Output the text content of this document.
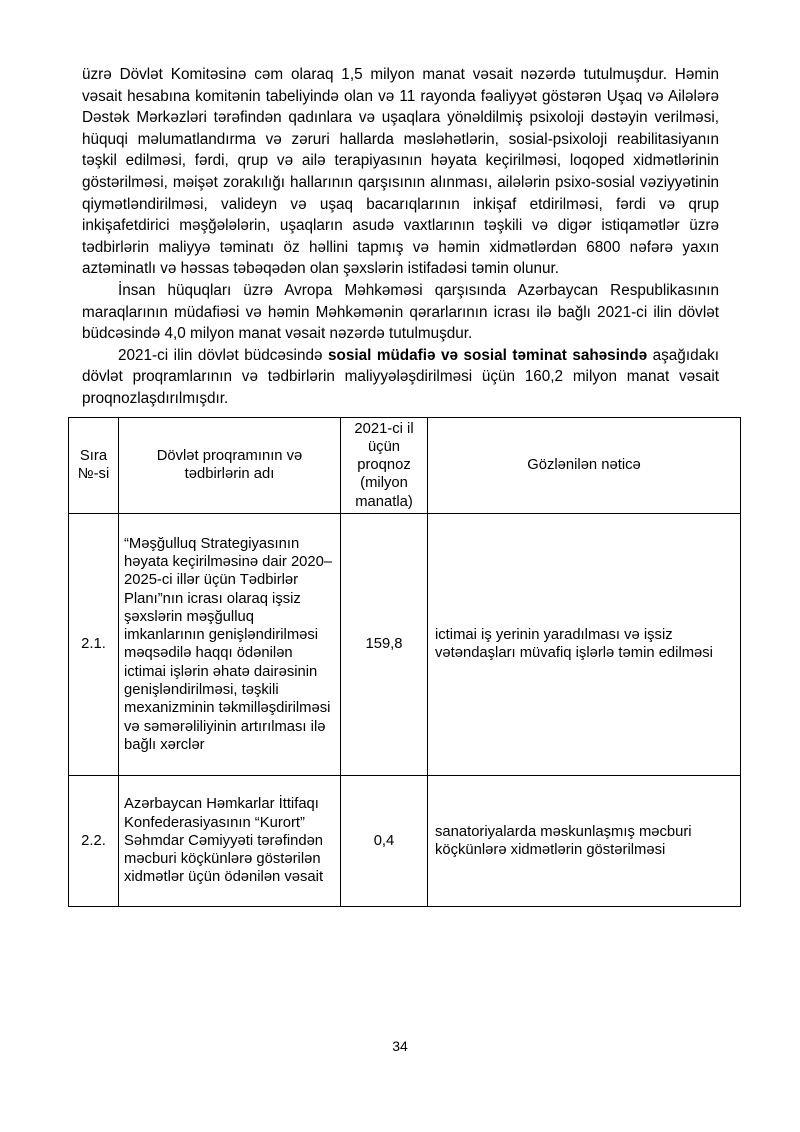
üzrə Dövlət Komitəsinə cəm olaraq 1,5 milyon manat vəsait nəzərdə tutulmuşdur. Həmin vəsait hesabına komitənin tabeliyində olan və 11 rayonda fəaliyyət göstərən Uşaq və Ailələrə Dəstək Mərkəzləri tərəfindən qadınlara və uşaqlara yönəldilmiş psixoloji dəstəyin verilməsi, hüquqi məlumatlandırma və zəruri hallarda məsləhətlərin, sosial-psixoloji reabilitasiyanın təşkil edilməsi, fərdi, qrup və ailə terapiyasının həyata keçirilməsi, loqoped xidmətlərinin göstərilməsi, məişət zorakılığı hallarının qarşısının alınması, ailələrin psixo-sosial vəziyyətinin qiymətləndirilməsi, valideyn və uşaq bacarıqlarının inkişaf etdirilməsi, fərdi və qrup inkişafetdirici məşğələlərin, uşaqların asudə vaxtlarının təşkili və digər istiqamətlər üzrə tədbirlərin maliyyə təminatı öz həllini tapmış və həmin xidmətlərdən 6800 nəfərə yaxın aztəminatlı və həssas təbəqədən olan şəxslərin istifadəsi təmin olunur.

İnsan hüquqları üzrə Avropa Məhkəməsi qarşısında Azərbaycan Respublikasının maraqlarının müdafiəsi və həmin Məhkəmənin qərarlarının icrası ilə bağlı 2021-ci ilin dövlət büdcəsində 4,0 milyon manat vəsait nəzərdə tutulmuşdur.

2021-ci ilin dövlət büdcəsində sosial müdafiə və sosial təminat sahəsində aşağıdakı dövlət proqramlarının və tədbirlərin maliyyələşdirilməsi üçün 160,2 milyon manat vəsait proqnozlaşdırılmışdır.

Sıra №-si	Dövlət proqramının və tədbirlərin adı	2021-ci il üçün proqnoz (milyon manatla)	Gözlənilən nəticə
2.1.	“Məşğulluq Strategiyasının həyata keçirilməsinə dair 2020–2025-ci illər üçün Tədbirlər Planı”nın icrası olaraq işsiz şəxslərin məşğulluq imkanlarının genişləndirilməsi məqsədilə haqqı ödənilən ictimai işlərin əhatə dairəsinin genişləndirilməsi, təşkili mexanizminin təkmilləşdirilməsi və səmərəliliyinin artırılması ilə bağlı xərclər	159,8	ictimai iş yerinin yaradılması və işsiz vətəndaşları müvafiq işlərlə təmin edilməsi
2.2.	Azərbaycan Həmkarlar İttifaqı Konfederasiyasının “Kurort” Səhmdar Cəmiyyəti tərəfindən məcburi köçkünlərə göstərilən xidmətlər üçün ödənilən vəsait	0,4	sanatoriyalarda məskunlaşmış məcburi köçkünlərə xidmətlərin göstərilməsi
34
